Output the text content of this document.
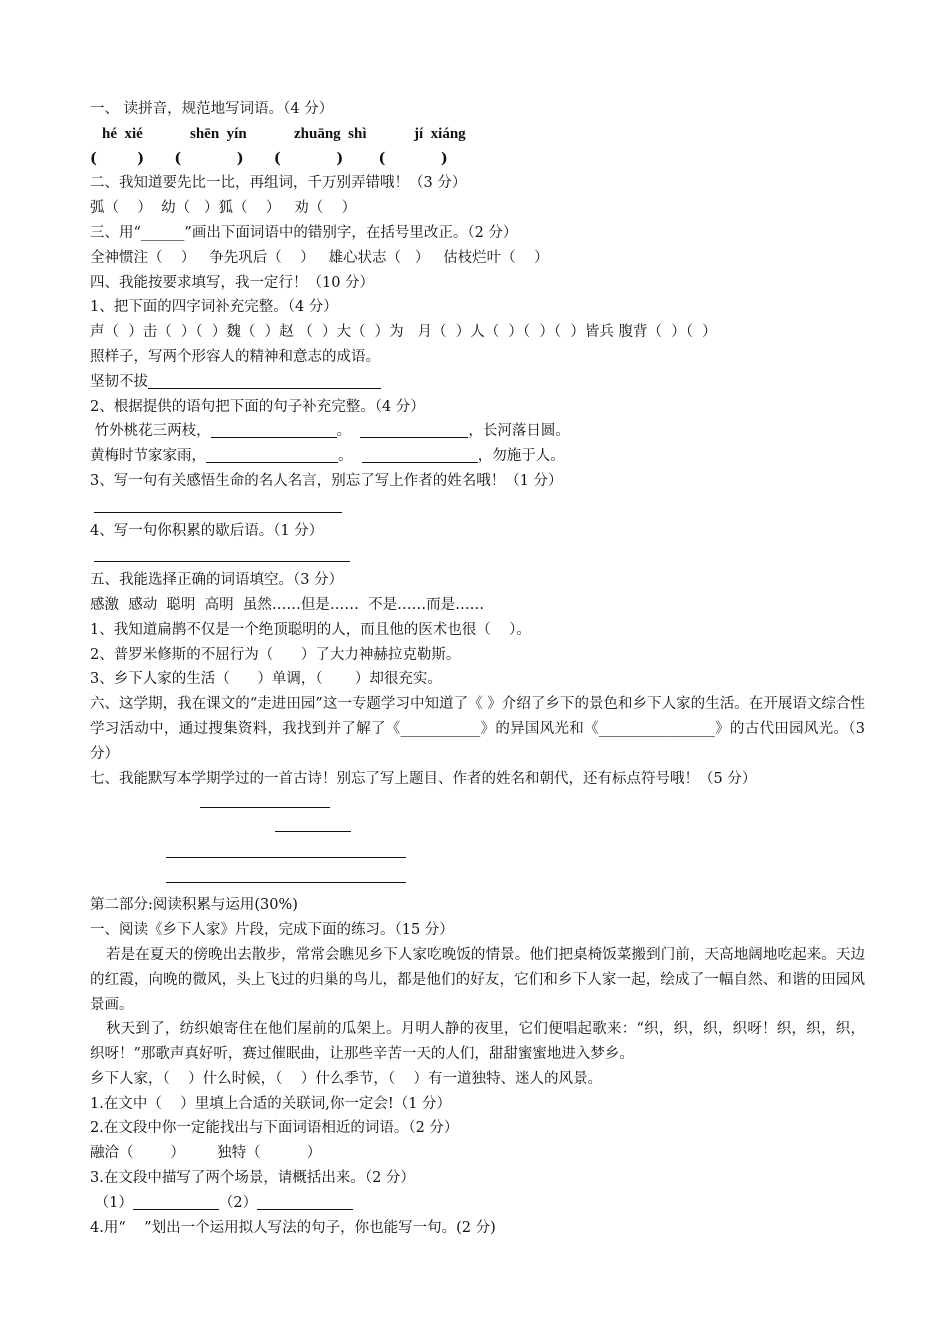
一、 读拼音，规范地写词语。（4 分）
hé  xié	shēn  yín	zhuāng  shì	jí  xiáng
(        )      (           )      (           )       (           )
二、我知道要先比一比，再组词，千万别弄错哦！（3 分）
弧（    ）  幼（   ）狐（    ）   劝（    ）
三、用“______”画出下面词语中的错别字，在括号里改正。（2 分）
全神惯注（    ）   争先巩后（    ）   雄心状志（   ）   估枝烂叶（    ）
四、我能按要求填写，我一定行！（10 分）
1、把下面的四字词补充完整。（4 分）
声（  ）击（  ）（  ）魏（  ）赵 （  ）大（  ）为   月（  ）人（  ）（  ）（  ）皆兵 腹背（  ）（  ）
照样子，写两个形容人的精神和意志的成语。
坚韧不拔
2、根据提供的语句把下面的句子补充完整。（4 分）
竹外桃花三两枝，	。	，长河落日圆。
黄梅时节家家雨，	。	，勿施于人。
3、写一句有关感悟生命的名人名言，别忘了写上作者的姓名哦！（1 分）
4、写一句你积累的歇后语。（1 分）
五、我能选择正确的词语填空。（3 分）
感激  感动  聪明  高明  虽然……但是……  不是……而是……
1、我知道扁鹊不仅是一个绝顶聪明的人，而且他的医术也很（    ）。
2、普罗米修斯的不屈行为（      ）了大力神赫拉克勒斯。
3、乡下人家的生活（      ）单调，（       ）却很充实。
六、这学期，我在课文的“走进田园”这一专题学习中知道了《 》介绍了乡下的景色和乡下人家的生活。在开展语文综合性学习活动中，通过搜集资料，我找到并了解了《___________》的异国风光和《________________》的古代田园风光。（3 分）
七、我能默写本学期学过的一首古诗！别忘了写上题目、作者的姓名和朝代，还有标点符号哦！（5 分）
第二部分:阅读积累与运用(30%)
一、阅读《乡下人家》片段，完成下面的练习。（15 分）
若是在夏天的傍晚出去散步，常常会瞧见乡下人家吃晚饭的情景。他们把桌椅饭菜搬到门前，天高地阔地吃起来。天边的红霞，向晚的微风，头上飞过的归巢的鸟儿，都是他们的好友，它们和乡下人家一起，绘成了一幅自然、和谐的田园风景画。
秋天到了，纺织娘寄住在他们屋前的瓜架上。月明人静的夜里，它们便唱起歌来：“织，织，织，织呀！织，织，织，织呀！”那歌声真好听，赛过催眠曲，让那些辛苦一天的人们，甜甜蜜蜜地进入梦乡。
乡下人家，（    ）什么时候，（    ）什么季节，（    ）有一道独特、迷人的风景。
1.在文中（    ）里填上合适的关联词,你一定会!（1 分）
2.在文段中你一定能找出与下面词语相近的词语。（2 分）
融洽（        ）       独特（          ）
3.在文段中描写了两个场景，请概括出来。（2 分）
（1）	（2）
4.用“    ”划出一个运用拟人写法的句子，你也能写一句。(2 分)
